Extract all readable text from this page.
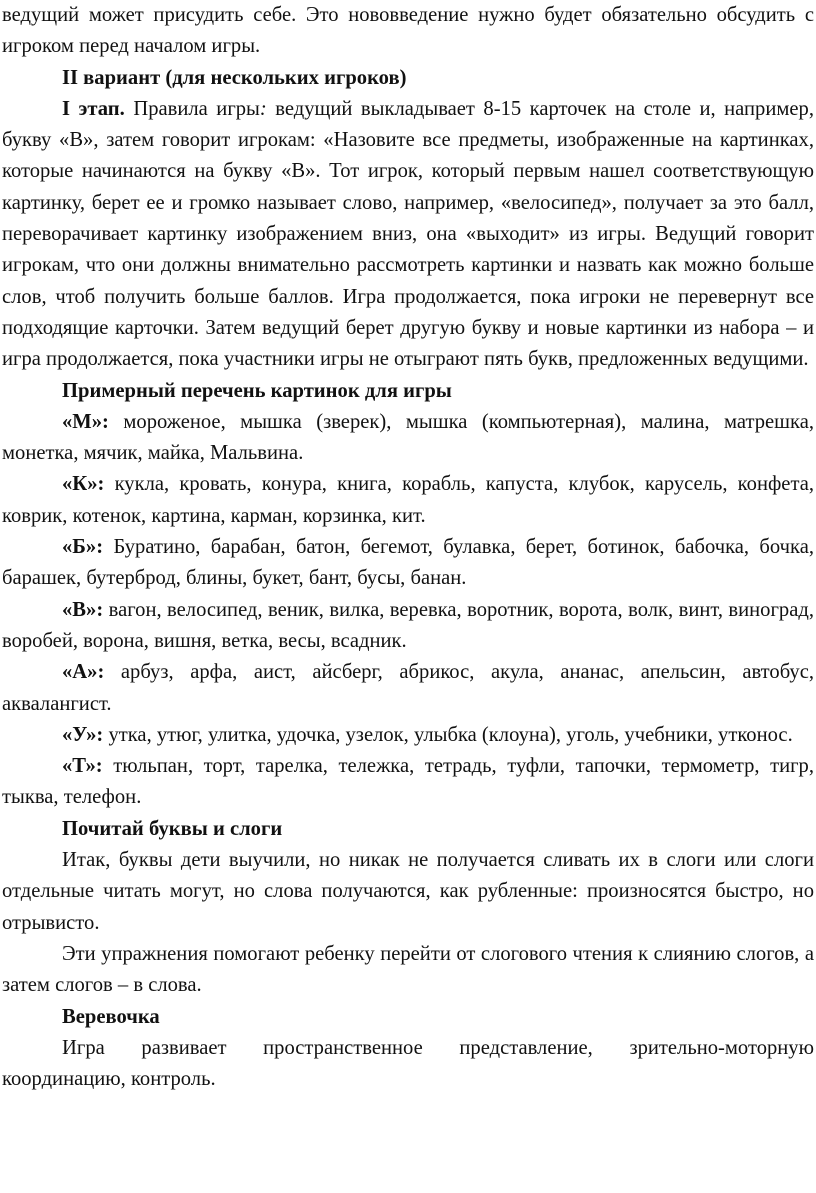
ведущий может присудить себе. Это нововведение нужно будет обязательно обсудить с игроком перед началом игры.

II вариант (для нескольких игроков)

I этап. Правила игры: ведущий выкладывает 8-15 карточек на столе и, например, букву «В», затем говорит игрокам: «Назовите все предметы, изображенные на картинках, которые начинаются на букву «В». Тот игрок, который первым нашел соответствующую картинку, берет ее и громко называет слово, например, «велосипед», получает за это балл, переворачивает картинку изображением вниз, она «выходит» из игры. Ведущий говорит игрокам, что они должны внимательно рассмотреть картинки и назвать как можно больше слов, чтоб получить больше баллов. Игра продолжается, пока игроки не перевернут все подходящие карточки. Затем ведущий берет другую букву и новые картинки из набора – и игра продолжается, пока участники игры не отыграют пять букв, предложенных ведущими.

Примерный перечень картинок для игры

«М»: мороженое, мышка (зверек), мышка (компьютерная), малина, матрешка, монетка, мячик, майка, Мальвина.

«К»: кукла, кровать, конура, книга, корабль, капуста, клубок, карусель, конфета, коврик, котенок, картина, карман, корзинка, кит.

«Б»: Буратино, барабан, батон, бегемот, булавка, берет, ботинок, бабочка, бочка, барашек, бутерброд, блины, букет, бант, бусы, банан.

«В»: вагон, велосипед, веник, вилка, веревка, воротник, ворота, волк, винт, виноград, воробей, ворона, вишня, ветка, весы, всадник.

«А»: арбуз, арфа, аист, айсберг, абрикос, акула, ананас, апельсин, автобус, аквалангист.

«У»: утка, утюг, улитка, удочка, узелок, улыбка (клоуна), уголь, учебники, утконос.

«Т»: тюльпан, торт, тарелка, тележка, тетрадь, туфли, тапочки, термометр, тигр, тыква, телефон.

Почитай буквы и слоги

Итак, буквы дети выучили, но никак не получается сливать их в слоги или слоги отдельные читать могут, но слова получаются, как рубленные: произносятся быстро, но отрывисто.

Эти упражнения помогают ребенку перейти от слогового чтения к слиянию слогов, а затем слогов – в слова.

Веревочка

Игра развивает пространственное представление, зрительно-моторную координацию, контроль.
